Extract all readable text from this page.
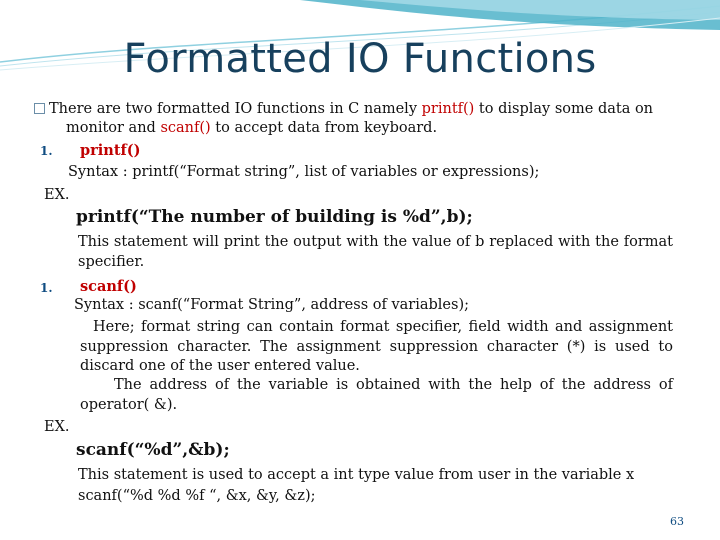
Formatted IO Functions
There are two formatted IO functions in C namely printf() to display some data on
monitor and scanf() to accept data from keyboard.
1. printf()
Syntax : printf(“Format string”, list of variables or expressions);
EX.
printf(“The number of building is %d”,b);
This statement will print the output with the value of b replaced with the format specifier.
1. scanf()
Syntax : scanf(“Format String”, address of variables);
Here; format string can contain format specifier, field width and assignment suppression character. The assignment suppression character (*) is used to discard one of the user entered value.
The address of the variable is obtained with the help of the address of operator( &).
EX.
scanf(“%d”,&b);
This statement is used to accept a int type value from user in the variable x
scanf(“%d %d %f “, &x, &y, &z);
63
